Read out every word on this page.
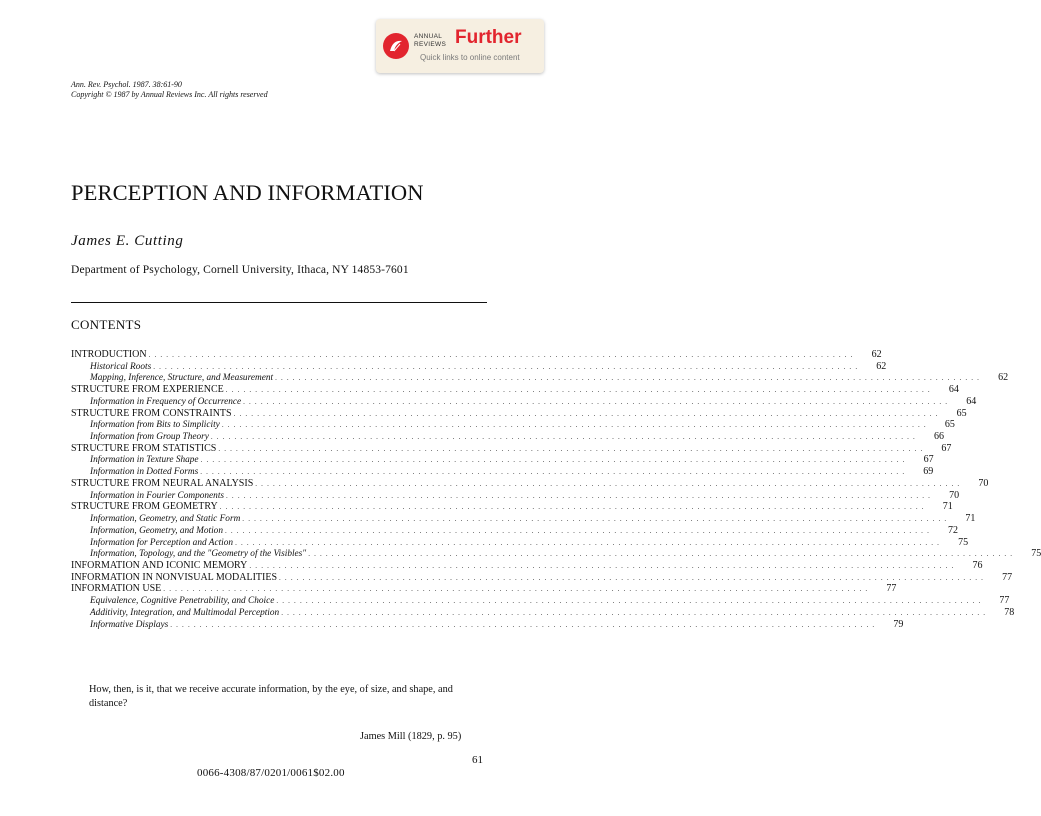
ANNUAL
REVIEWS Further
Quick links to online content
Ann. Rev. Psychol. 1987. 38:61-90
Copyright © 1987 by Annual Reviews Inc. All rights reserved
PERCEPTION AND INFORMATION
James E. Cutting
Department of Psychology, Cornell University, Ithaca, NY 14853-7601
CONTENTS
INTRODUCTION . . . . . . . . . . . . . . . . . . . . . . . . . . . . . . . . . . . . . . . . . . . . . . . . . . . . . . . . . . . . . . . . . . . . . . . . . . . . . . . . . . . . . . . . . . . . . . . . . . . . . . . . . . . . . . . . . . . . . . . .	62
Historical Roots . . . . . . . . . . . . . . . . . . . . . . . . . . . . . . . . . . . . . . . . . . . . . . . . . . . . . . . . . . . . . . . . . . . . . . . . . . . . . . . . . . . . . . . . . . . . . . . . . . . . . . . . . . . . . . . . . . . . . . . .	62
Mapping, Inference, Structure, and Measurement . . . . . . . . . . . . . . . . . . . . . . . . . . . . . . . . . . . . . . . . . . . . . . . . . . . . . . . . . . . . . . . . . . . . . . . . . . . . . . . . . . . . . . . . . . . . . . . . . . . . . . . . . . . . . . . . . . . . . . . .	62
STRUCTURE FROM EXPERIENCE . . . . . . . . . . . . . . . . . . . . . . . . . . . . . . . . . . . . . . . . . . . . . . . . . . . . . . . . . . . . . . . . . . . . . . . . . . . . . . . . . . . . . . . . . . . . . . . . . . . . . . . . . . . . . . . . . . . . . . . .	64
Information in Frequency of Occurrence . . . . . . . . . . . . . . . . . . . . . . . . . . . . . . . . . . . . . . . . . . . . . . . . . . . . . . . . . . . . . . . . . . . . . . . . . . . . . . . . . . . . . . . . . . . . . . . . . . . . . . . . . . . . . . . . . . . . . . . .	64
STRUCTURE FROM CONSTRAINTS . . . . . . . . . . . . . . . . . . . . . . . . . . . . . . . . . . . . . . . . . . . . . . . . . . . . . . . . . . . . . . . . . . . . . . . . . . . . . . . . . . . . . . . . . . . . . . . . . . . . . . . . . . . . . . . . . . . . . . . .	65
Information from Bits to Simplicity . . . . . . . . . . . . . . . . . . . . . . . . . . . . . . . . . . . . . . . . . . . . . . . . . . . . . . . . . . . . . . . . . . . . . . . . . . . . . . . . . . . . . . . . . . . . . . . . . . . . . . . . . . . . . . . . . . . . . . . .	65
Information from Group Theory . . . . . . . . . . . . . . . . . . . . . . . . . . . . . . . . . . . . . . . . . . . . . . . . . . . . . . . . . . . . . . . . . . . . . . . . . . . . . . . . . . . . . . . . . . . . . . . . . . . . . . . . . . . . . . . . . . . . . . . .	66
STRUCTURE FROM STATISTICS . . . . . . . . . . . . . . . . . . . . . . . . . . . . . . . . . . . . . . . . . . . . . . . . . . . . . . . . . . . . . . . . . . . . . . . . . . . . . . . . . . . . . . . . . . . . . . . . . . . . . . . . . . . . . . . . . . . . . . . .	67
Information in Texture Shape . . . . . . . . . . . . . . . . . . . . . . . . . . . . . . . . . . . . . . . . . . . . . . . . . . . . . . . . . . . . . . . . . . . . . . . . . . . . . . . . . . . . . . . . . . . . . . . . . . . . . . . . . . . . . . . . . . . . . . . .	67
Information in Dotted Forms . . . . . . . . . . . . . . . . . . . . . . . . . . . . . . . . . . . . . . . . . . . . . . . . . . . . . . . . . . . . . . . . . . . . . . . . . . . . . . . . . . . . . . . . . . . . . . . . . . . . . . . . . . . . . . . . . . . . . . . .	69
STRUCTURE FROM NEURAL ANALYSIS . . . . . . . . . . . . . . . . . . . . . . . . . . . . . . . . . . . . . . . . . . . . . . . . . . . . . . . . . . . . . . . . . . . . . . . . . . . . . . . . . . . . . . . . . . . . . . . . . . . . . . . . . . . . . . . . . . . . . . . .	70
Information in Fourier Components . . . . . . . . . . . . . . . . . . . . . . . . . . . . . . . . . . . . . . . . . . . . . . . . . . . . . . . . . . . . . . . . . . . . . . . . . . . . . . . . . . . . . . . . . . . . . . . . . . . . . . . . . . . . . . . . . . . . . . . .	70
STRUCTURE FROM GEOMETRY . . . . . . . . . . . . . . . . . . . . . . . . . . . . . . . . . . . . . . . . . . . . . . . . . . . . . . . . . . . . . . . . . . . . . . . . . . . . . . . . . . . . . . . . . . . . . . . . . . . . . . . . . . . . . . . . . . . . . . . .	71
Information, Geometry, and Static Form . . . . . . . . . . . . . . . . . . . . . . . . . . . . . . . . . . . . . . . . . . . . . . . . . . . . . . . . . . . . . . . . . . . . . . . . . . . . . . . . . . . . . . . . . . . . . . . . . . . . . . . . . . . . . . . . . . . . . . . .	71
Information, Geometry, and Motion . . . . . . . . . . . . . . . . . . . . . . . . . . . . . . . . . . . . . . . . . . . . . . . . . . . . . . . . . . . . . . . . . . . . . . . . . . . . . . . . . . . . . . . . . . . . . . . . . . . . . . . . . . . . . . . . . . . . . . . .	72
Information for Perception and Action . . . . . . . . . . . . . . . . . . . . . . . . . . . . . . . . . . . . . . . . . . . . . . . . . . . . . . . . . . . . . . . . . . . . . . . . . . . . . . . . . . . . . . . . . . . . . . . . . . . . . . . . . . . . . . . . . . . . . . . .	75
Information, Topology, and the "Geometry of the Visibles" . . . . . . . . . . . . . . . . . . . . . . . . . . . . . . . . . . . . . . . . . . . . . . . . . . . . . . . . . . . . . . . . . . . . . . . . . . . . . . . . . . . . . . . . . . . . . . . . . . . . . . . . . . . . . . . . . . . . . . . .	75
INFORMATION AND ICONIC MEMORY . . . . . . . . . . . . . . . . . . . . . . . . . . . . . . . . . . . . . . . . . . . . . . . . . . . . . . . . . . . . . . . . . . . . . . . . . . . . . . . . . . . . . . . . . . . . . . . . . . . . . . . . . . . . . . . . . . . . . . . .	76
INFORMATION IN NONVISUAL MODALITIES . . . . . . . . . . . . . . . . . . . . . . . . . . . . . . . . . . . . . . . . . . . . . . . . . . . . . . . . . . . . . . . . . . . . . . . . . . . . . . . . . . . . . . . . . . . . . . . . . . . . . . . . . . . . . . . . . . . . . . . .	77
INFORMATION USE . . . . . . . . . . . . . . . . . . . . . . . . . . . . . . . . . . . . . . . . . . . . . . . . . . . . . . . . . . . . . . . . . . . . . . . . . . . . . . . . . . . . . . . . . . . . . . . . . . . . . . . . . . . . . . . . . . . . . . . .	77
Equivalence, Cognitive Penetrability, and Choice . . . . . . . . . . . . . . . . . . . . . . . . . . . . . . . . . . . . . . . . . . . . . . . . . . . . . . . . . . . . . . . . . . . . . . . . . . . . . . . . . . . . . . . . . . . . . . . . . . . . . . . . . . . . . . . . . . . . . . . .	77
Additivity, Integration, and Multimodal Perception . . . . . . . . . . . . . . . . . . . . . . . . . . . . . . . . . . . . . . . . . . . . . . . . . . . . . . . . . . . . . . . . . . . . . . . . . . . . . . . . . . . . . . . . . . . . . . . . . . . . . . . . . . . . . . . . . . . . . . . .	78
Informative Displays . . . . . . . . . . . . . . . . . . . . . . . . . . . . . . . . . . . . . . . . . . . . . . . . . . . . . . . . . . . . . . . . . . . . . . . . . . . . . . . . . . . . . . . . . . . . . . . . . . . . . . . . . . . . . . . . . . . . . . . .	79
How, then, is it, that we receive accurate information, by the eye, of size, and shape, and distance?
James Mill (1829, p. 95)
61
0066-4308/87/0201/0061$02.00
